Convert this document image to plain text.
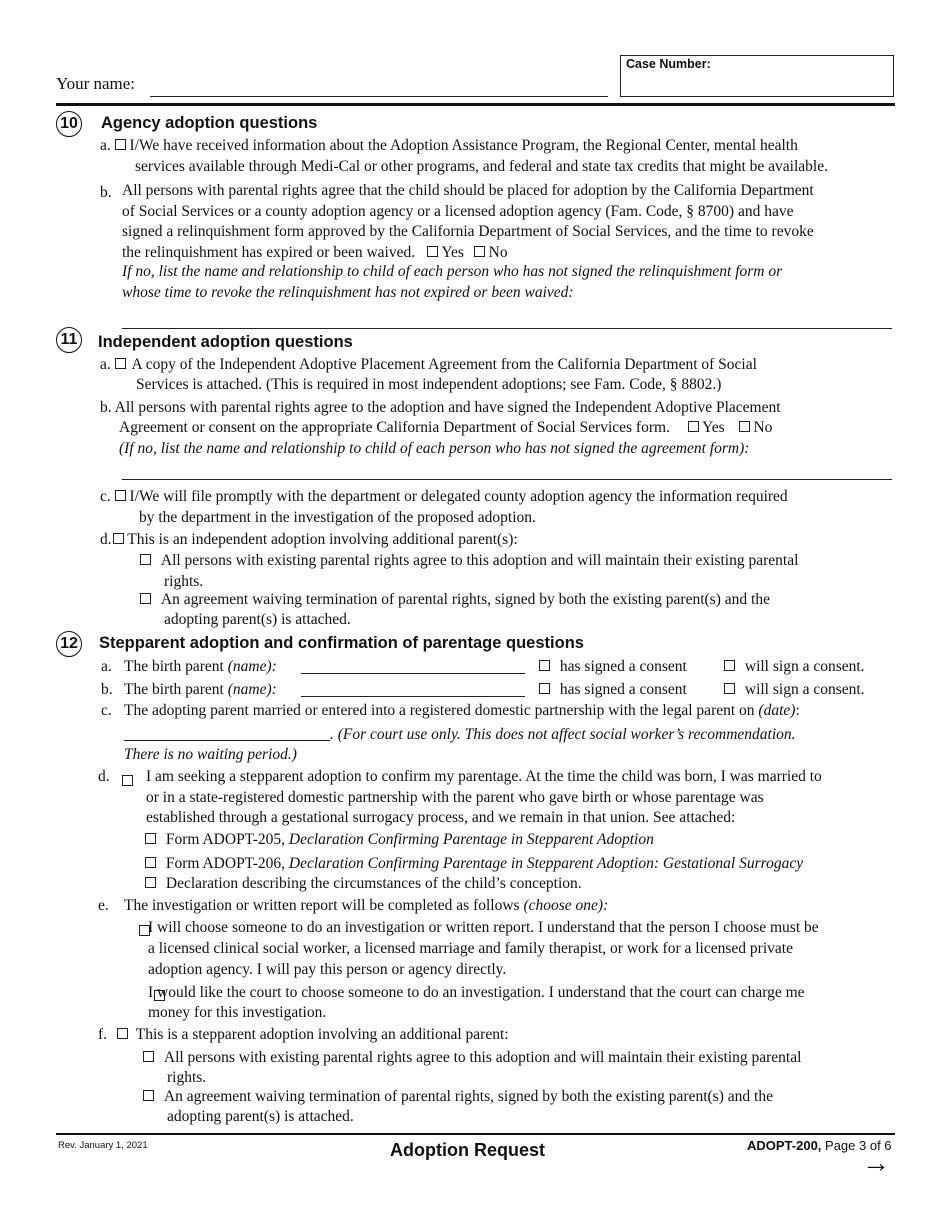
Your name:
Case Number:
10 Agency adoption questions
a. I/We have received information about the Adoption Assistance Program, the Regional Center, mental health
services available through Medi-Cal or other programs, and federal and state tax credits that might be available.
b. All persons with parental rights agree that the child should be placed for adoption by the California Department
of Social Services or a county adoption agency or a licensed adoption agency (Fam. Code, § 8700) and have
signed a relinquishment form approved by the California Department of Social Services, and the time to revoke
the relinquishment has expired or been waived. Yes No
If no, list the name and relationship to child of each person who has not signed the relinquishment form or
whose time to revoke the relinquishment has not expired or been waived:
11 Independent adoption questions
a. A copy of the Independent Adoptive Placement Agreement from the California Department of Social
Services is attached. (This is required in most independent adoptions; see Fam. Code, § 8802.)
b. All persons with parental rights agree to the adoption and have signed the Independent Adoptive Placement
Agreement or consent on the appropriate California Department of Social Services form. Yes No
(If no, list the name and relationship to child of each person who has not signed the agreement form):
c. I/We will file promptly with the department or delegated county adoption agency the information required
by the department in the investigation of the proposed adoption.
d. This is an independent adoption involving additional parent(s):
All persons with existing parental rights agree to this adoption and will maintain their existing parental
rights.
An agreement waiving termination of parental rights, signed by both the existing parent(s) and the
adopting parent(s) is attached.
12 Stepparent adoption and confirmation of parentage questions
a. The birth parent (name):	has signed a consent	will sign a consent.
b. The birth parent (name):	has signed a consent	will sign a consent.
c. The adopting parent married or entered into a registered domestic partnership with the legal parent on (date):
. (For court use only. This does not affect social worker’s recommendation.
There is no waiting period.)
d.
I am seeking a stepparent adoption to confirm my parentage. At the time the child was born, I was married to
or in a state-registered domestic partnership with the parent who gave birth or whose parentage was
established through a gestational surrogacy process, and we remain in that union. See attached:
Form ADOPT-205, Declaration Confirming Parentage in Stepparent Adoption
Form ADOPT-206, Declaration Confirming Parentage in Stepparent Adoption: Gestational Surrogacy
Declaration describing the circumstances of the child’s conception.
e. The investigation or written report will be completed as follows (choose one):

I will choose someone to do an investigation or written report. I understand that the person I choose must be
a licensed clinical social worker, a licensed marriage and family therapist, or work for a licensed private
adoption agency. I will pay this person or agency directly.
I would like the court to choose someone to do an investigation. I understand that the court can charge me
money for this investigation.
f. This is a stepparent adoption involving an additional parent:
All persons with existing parental rights agree to this adoption and will maintain their existing parental
rights.
An agreement waiving termination of parental rights, signed by both the existing parent(s) and the
adopting parent(s) is attached.
Rev. January 1, 2021	Adoption Request	ADOPT-200, Page 3 of 6
→
